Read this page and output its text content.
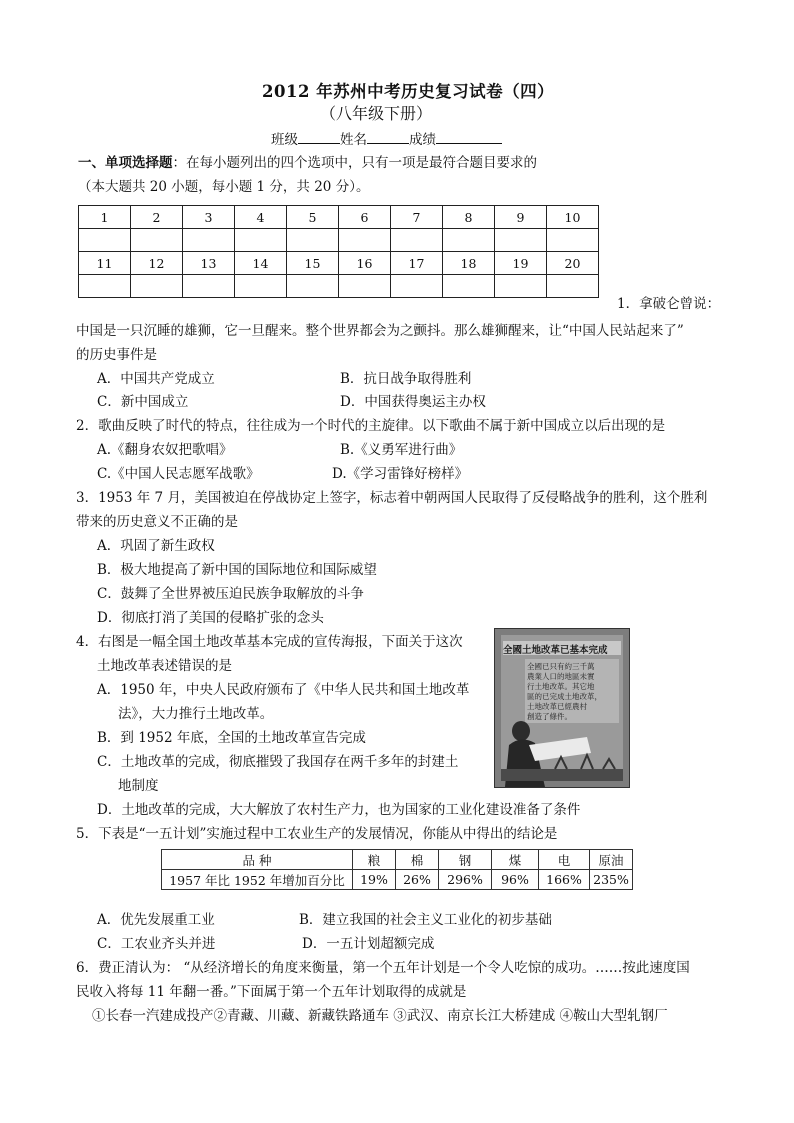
2012 年苏州中考历史复习试卷（四）
（八年级下册）
班级	姓名	成绩
一、单项选择题：在每小题列出的四个选项中，只有一项是最符合题目要求的
（本大题共 20 小题，每小题 1 分，共 20 分）。
1	2	3	4	5	6	7	8	9	10

11	12	13	14	15	16	17	18	19	20

1．拿破仑曾说：
中国是一只沉睡的雄狮，它一旦醒来。整个世界都会为之颤抖。那么雄狮醒来，让“中国人民站起来了”
的历史事件是
A．中国共产党成立	B．抗日战争取得胜利
C．新中国成立	D．中国获得奥运主办权
2．歌曲反映了时代的特点，往往成为一个时代的主旋律。以下歌曲不属于新中国成立以后出现的是
A.《翻身农奴把歌唱》	B.《义勇军进行曲》
C.《中国人民志愿军战歌》	D.《学习雷锋好榜样》
3．1953 年 7 月，美国被迫在停战协定上签字，标志着中朝两国人民取得了反侵略战争的胜利，这个胜利
带来的历史意义不正确的是
A．巩固了新生政权
B．极大地提高了新中国的国际地位和国际威望
C．鼓舞了全世界被压迫民族争取解放的斗争
D．彻底打消了美国的侵略扩张的念头
4．右图是一幅全国土地改革基本完成的宣传海报，下面关于这次
土地改革表述错误的是
A．1950 年，中央人民政府颁布了《中华人民共和国土地改革
法》，大力推行土地改革。
B．到 1952 年底，全国的土地改革宣告完成
C．土地改革的完成，彻底摧毁了我国存在两千多年的封建土
地制度
D．土地改革的完成，大大解放了农村生产力，也为国家的工业化建设准备了条件
全國土地改革已基本完成
全國已只有約三千萬
農業人口的地區未實
行土地改革。其它地
區的已完成土地改革，
土地改革已經農村
創造了條件。
5．下表是“一五计划”实施过程中工农业生产的发展情况，你能从中得出的结论是
品 种	粮	棉	钢	煤	电	原油
1957 年比 1952 年增加百分比	19%	26%	296%	96%	166%	235%
A．优先发展重工业	B．建立我国的社会主义工业化的初步基础
C．工农业齐头并进	D．一五计划超额完成
6．费正清认为： “从经济增长的角度来衡量，第一个五年计划是一个令人吃惊的成功。……按此速度国
民收入将每 11 年翻一番。”下面属于第一个五年计划取得的成就是
①长春一汽建成投产②青藏、川藏、新藏铁路通车 ③武汉、南京长江大桥建成 ④鞍山大型轧钢厂
